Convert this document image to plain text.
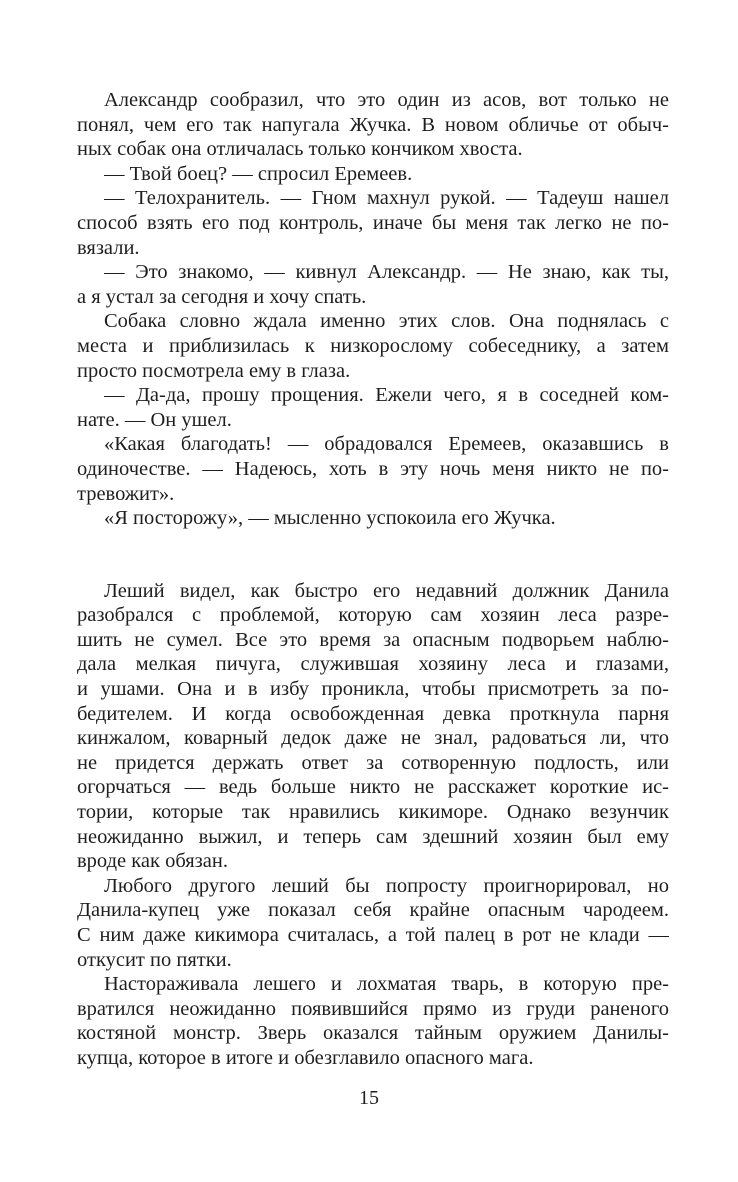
Александр сообразил, что это один из асов, вот только не
понял, чем его так напугала Жучка. В новом обличье от обыч-
ных собак она отличалась только кончиком хвоста.
— Твой боец? — спросил Еремеев.
— Телохранитель. — Гном махнул рукой. — Тадеуш нашел
способ взять его под контроль, иначе бы меня так легко не по-
вязали.
— Это знакомо, — кивнул Александр. — Не знаю, как ты,
а я устал за сегодня и хочу спать.
Собака словно ждала именно этих слов. Она поднялась с
места и приблизилась к низкорослому собеседнику, а затем
просто посмотрела ему в глаза.
— Да-да, прошу прощения. Ежели чего, я в соседней ком-
нате. — Он ушел.
«Какая благодать! — обрадовался Еремеев, оказавшись в
одиночестве. — Надеюсь, хоть в эту ночь меня никто не по-
тревожит».
«Я посторожу», — мысленно успокоила его Жучка.
Леший видел, как быстро его недавний должник Данила
разобрался с проблемой, которую сам хозяин леса разре-
шить не сумел. Все это время за опасным подворьем наблю-
дала мелкая пичуга, служившая хозяину леса и глазами,
и ушами. Она и в избу проникла, чтобы присмотреть за по-
бедителем. И когда освобожденная девка проткнула парня
кинжалом, коварный дедок даже не знал, радоваться ли, что
не придется держать ответ за сотворенную подлость, или
огорчаться — ведь больше никто не расскажет короткие ис-
тории, которые так нравились кикиморе. Однако везунчик
неожиданно выжил, и теперь сам здешний хозяин был ему
вроде как обязан.
Любого другого леший бы попросту проигнорировал, но
Данила-купец уже показал себя крайне опасным чародеем.
С ним даже кикимора считалась, а той палец в рот не клади —
откусит по пятки.
Настораживала лешего и лохматая тварь, в которую пре-
вратился неожиданно появившийся прямо из груди раненого
костяной монстр. Зверь оказался тайным оружием Данилы-
купца, которое в итоге и обезглавило опасного мага.
15
